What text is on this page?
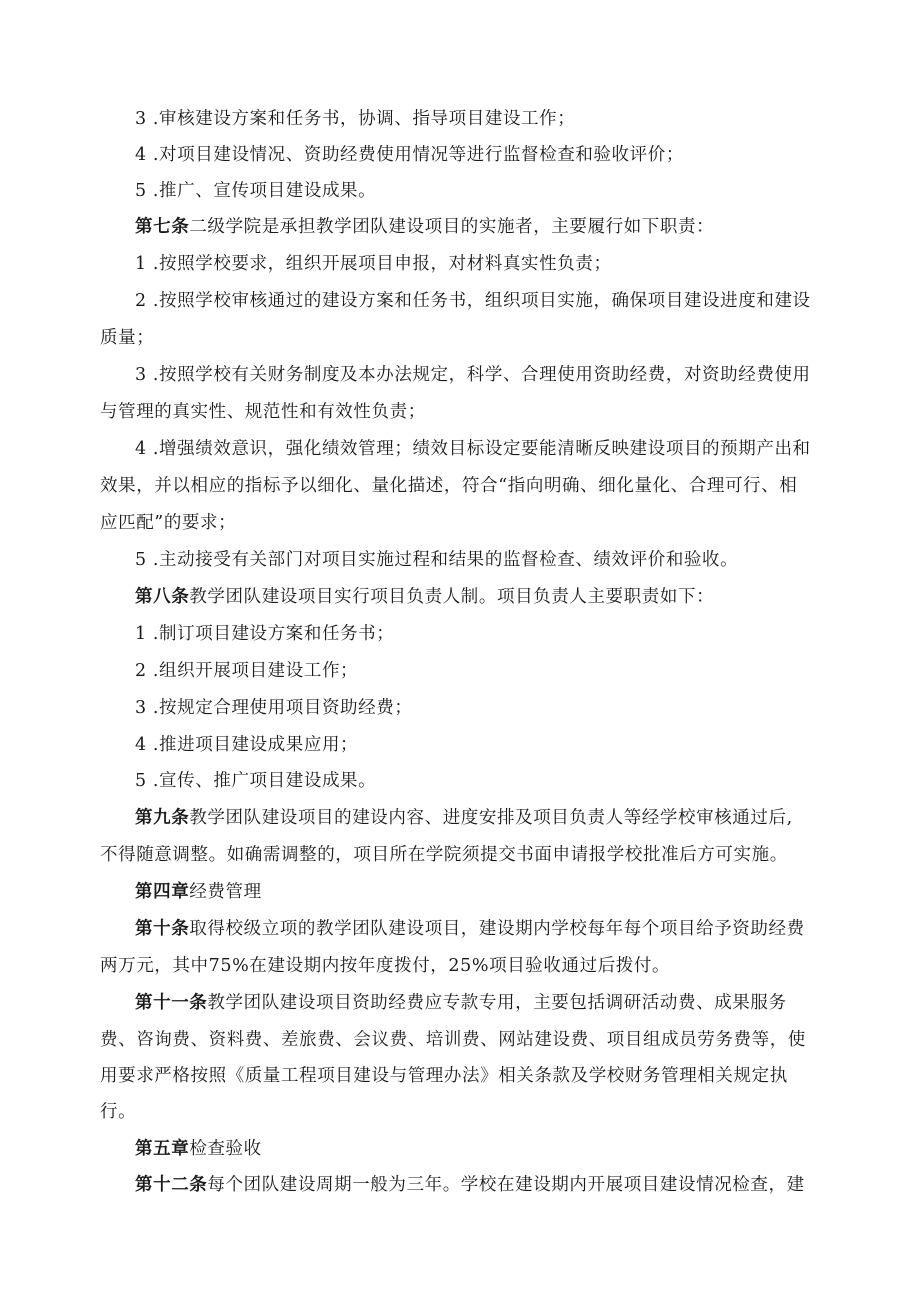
3 .审核建设方案和任务书，协调、指导项目建设工作；
4 .对项目建设情况、资助经费使用情况等进行监督检查和验收评价；
5 .推广、宣传项目建设成果。
第七条二级学院是承担教学团队建设项目的实施者，主要履行如下职责：
1 .按照学校要求，组织开展项目申报，对材料真实性负责；
2 .按照学校审核通过的建设方案和任务书，组织项目实施，确保项目建设进度和建设
质量；
3 .按照学校有关财务制度及本办法规定，科学、合理使用资助经费，对资助经费使用
与管理的真实性、规范性和有效性负责；
4 .增强绩效意识，强化绩效管理；绩效目标设定要能清晰反映建设项目的预期产出和
效果，并以相应的指标予以细化、量化描述，符合“指向明确、细化量化、合理可行、相
应匹配”的要求；
5 .主动接受有关部门对项目实施过程和结果的监督检查、绩效评价和验收。
第八条教学团队建设项目实行项目负责人制。项目负责人主要职责如下：
1 .制订项目建设方案和任务书；
2 .组织开展项目建设工作；
3 .按规定合理使用项目资助经费；
4 .推进项目建设成果应用；
5 .宣传、推广项目建设成果。
第九条教学团队建设项目的建设内容、进度安排及项目负责人等经学校审核通过后,
不得随意调整。如确需调整的，项目所在学院须提交书面申请报学校批准后方可实施。
第四章经费管理
第十条取得校级立项的教学团队建设项目，建设期内学校每年每个项目给予资助经费
两万元，其中75%在建设期内按年度拨付，25%项目验收通过后拨付。
第十一条教学团队建设项目资助经费应专款专用，主要包括调研活动费、成果服务
费、咨询费、资料费、差旅费、会议费、培训费、网站建设费、项目组成员劳务费等，使
用要求严格按照《质量工程项目建设与管理办法》相关条款及学校财务管理相关规定执
行。
第五章检查验收
第十二条每个团队建设周期一般为三年。学校在建设期内开展项目建设情况检查，建
